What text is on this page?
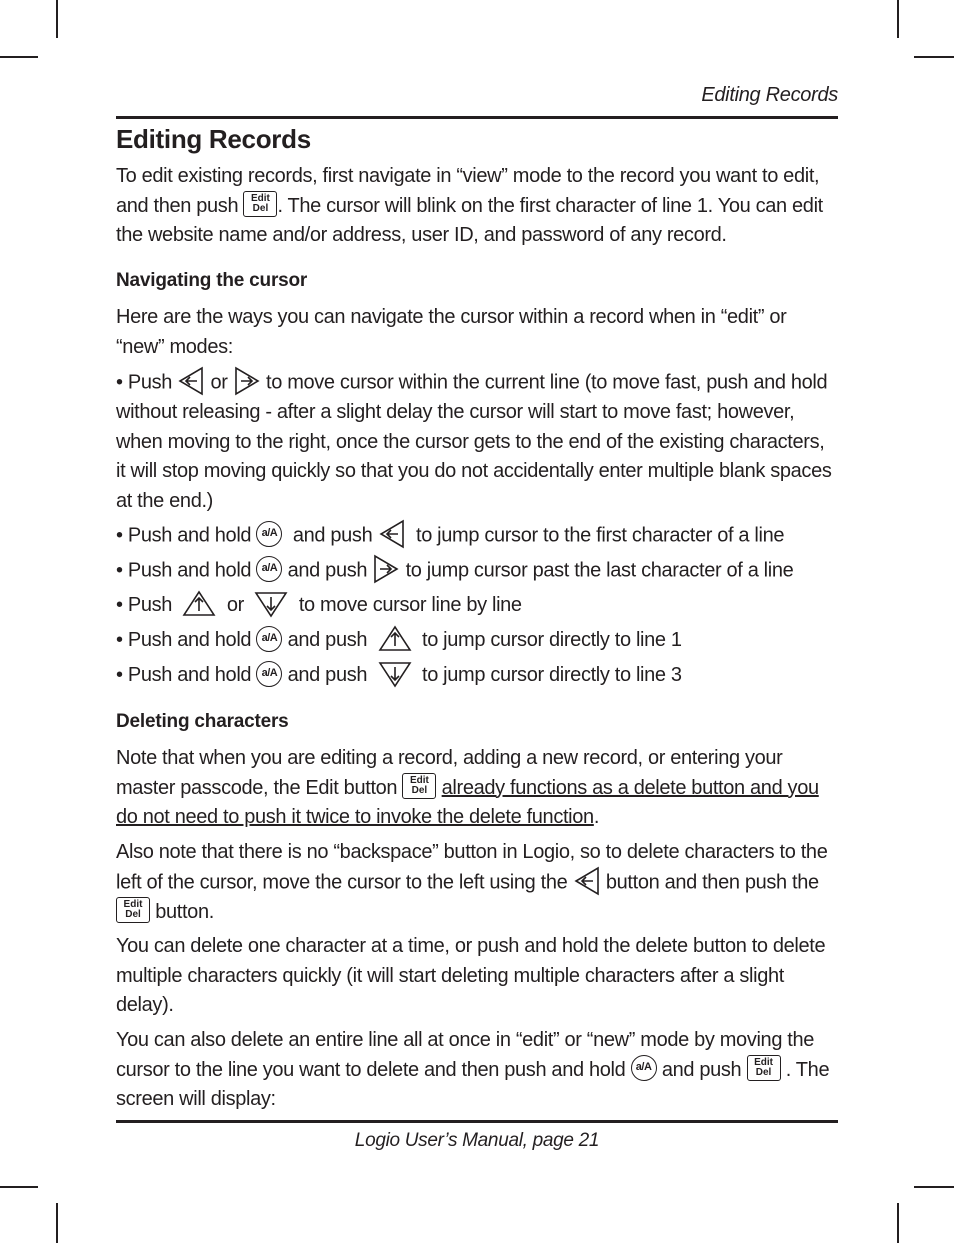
Editing Records
Editing Records

To edit existing records, first navigate in “view” mode to the record you want to edit, and then push	Edit
Del . The cursor will blink on the first character of line 1. You can edit the website name and/or address, user ID, and password of any record.

Navigating the cursor

Here are the ways you can navigate the cursor within a record when in “edit” or “new” modes:

• Push or to move cursor within the current line (to move fast, push and hold without releasing - after a slight delay the cursor will start to move fast; however, when moving to the right, once the cursor gets to the end of the existing characters, it will stop moving quickly so that you do not accidentally enter multiple blank spaces at the end.)

• Push and hold a/A and push to jump cursor to the first character of a line

• Push and hold a/A and push to jump cursor past the last character of a line

• Push	or	to move cursor line by line

• Push and hold a/A and push	to jump cursor directly to line 1

• Push and hold a/A and push	to jump cursor directly to line 3

Deleting characters

Note that when you are editing a record, adding a new record, or entering your master passcode, the Edit button	Edit
Del already functions as a delete button and you do not need to push it twice to invoke the delete function.

Also note that there is no “backspace” button in Logio, so to delete characters to the left of the cursor, move the cursor to the left using the button and then push the
Edit
Del button.

You can delete one character at a time, or push and hold the delete button to delete multiple characters quickly (it will start deleting multiple characters after a slight delay).

You can also delete an entire line all at once in “edit” or “new” mode by moving the cursor to the line you want to delete and then push and hold a/A and push	Edit
Del . The screen will display:

Logio User’s Manual, page 21
